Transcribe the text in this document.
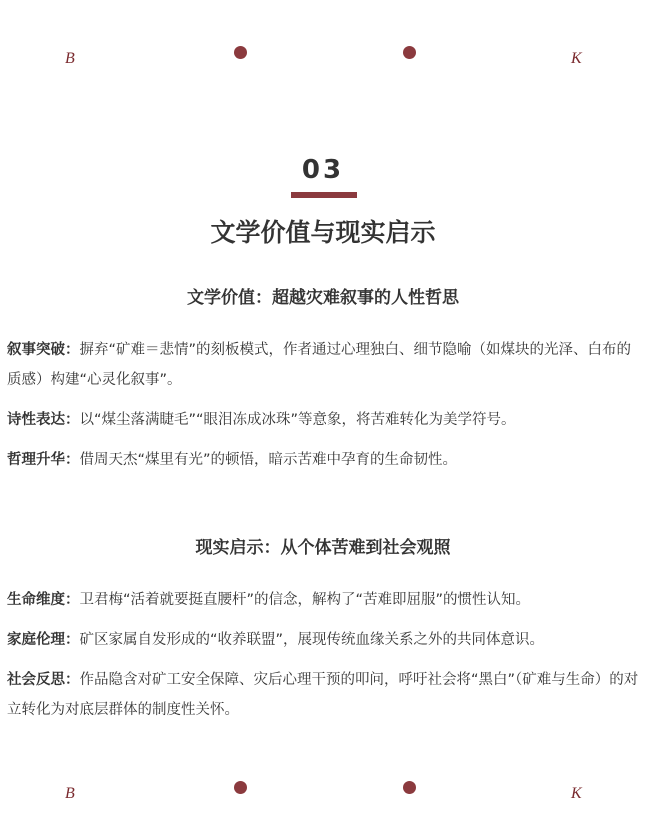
B	K
03
文学价值与现实启示
文学价值：超越灾难叙事的人性哲思

叙事突破：摒弃“矿难＝悲情”的刻板模式，作者通过心理独白、细节隐喻（如煤块的光泽、白布的质感）构建“心灵化叙事”。

诗性表达：以“煤尘落满睫毛”“眼泪冻成冰珠”等意象，将苦难转化为美学符号。

哲理升华：借周天杰“煤里有光”的顿悟，暗示苦难中孕育的生命韧性。

现实启示：从个体苦难到社会观照

生命维度：卫君梅“活着就要挺直腰杆”的信念，解构了“苦难即屈服”的惯性认知。

家庭伦理：矿区家属自发形成的“收养联盟”，展现传统血缘关系之外的共同体意识。

社会反思：作品隐含对矿工安全保障、灾后心理干预的叩问，呼吁社会将“黑白”（矿难与生命）的对立转化为对底层群体的制度性关怀。

B	K
